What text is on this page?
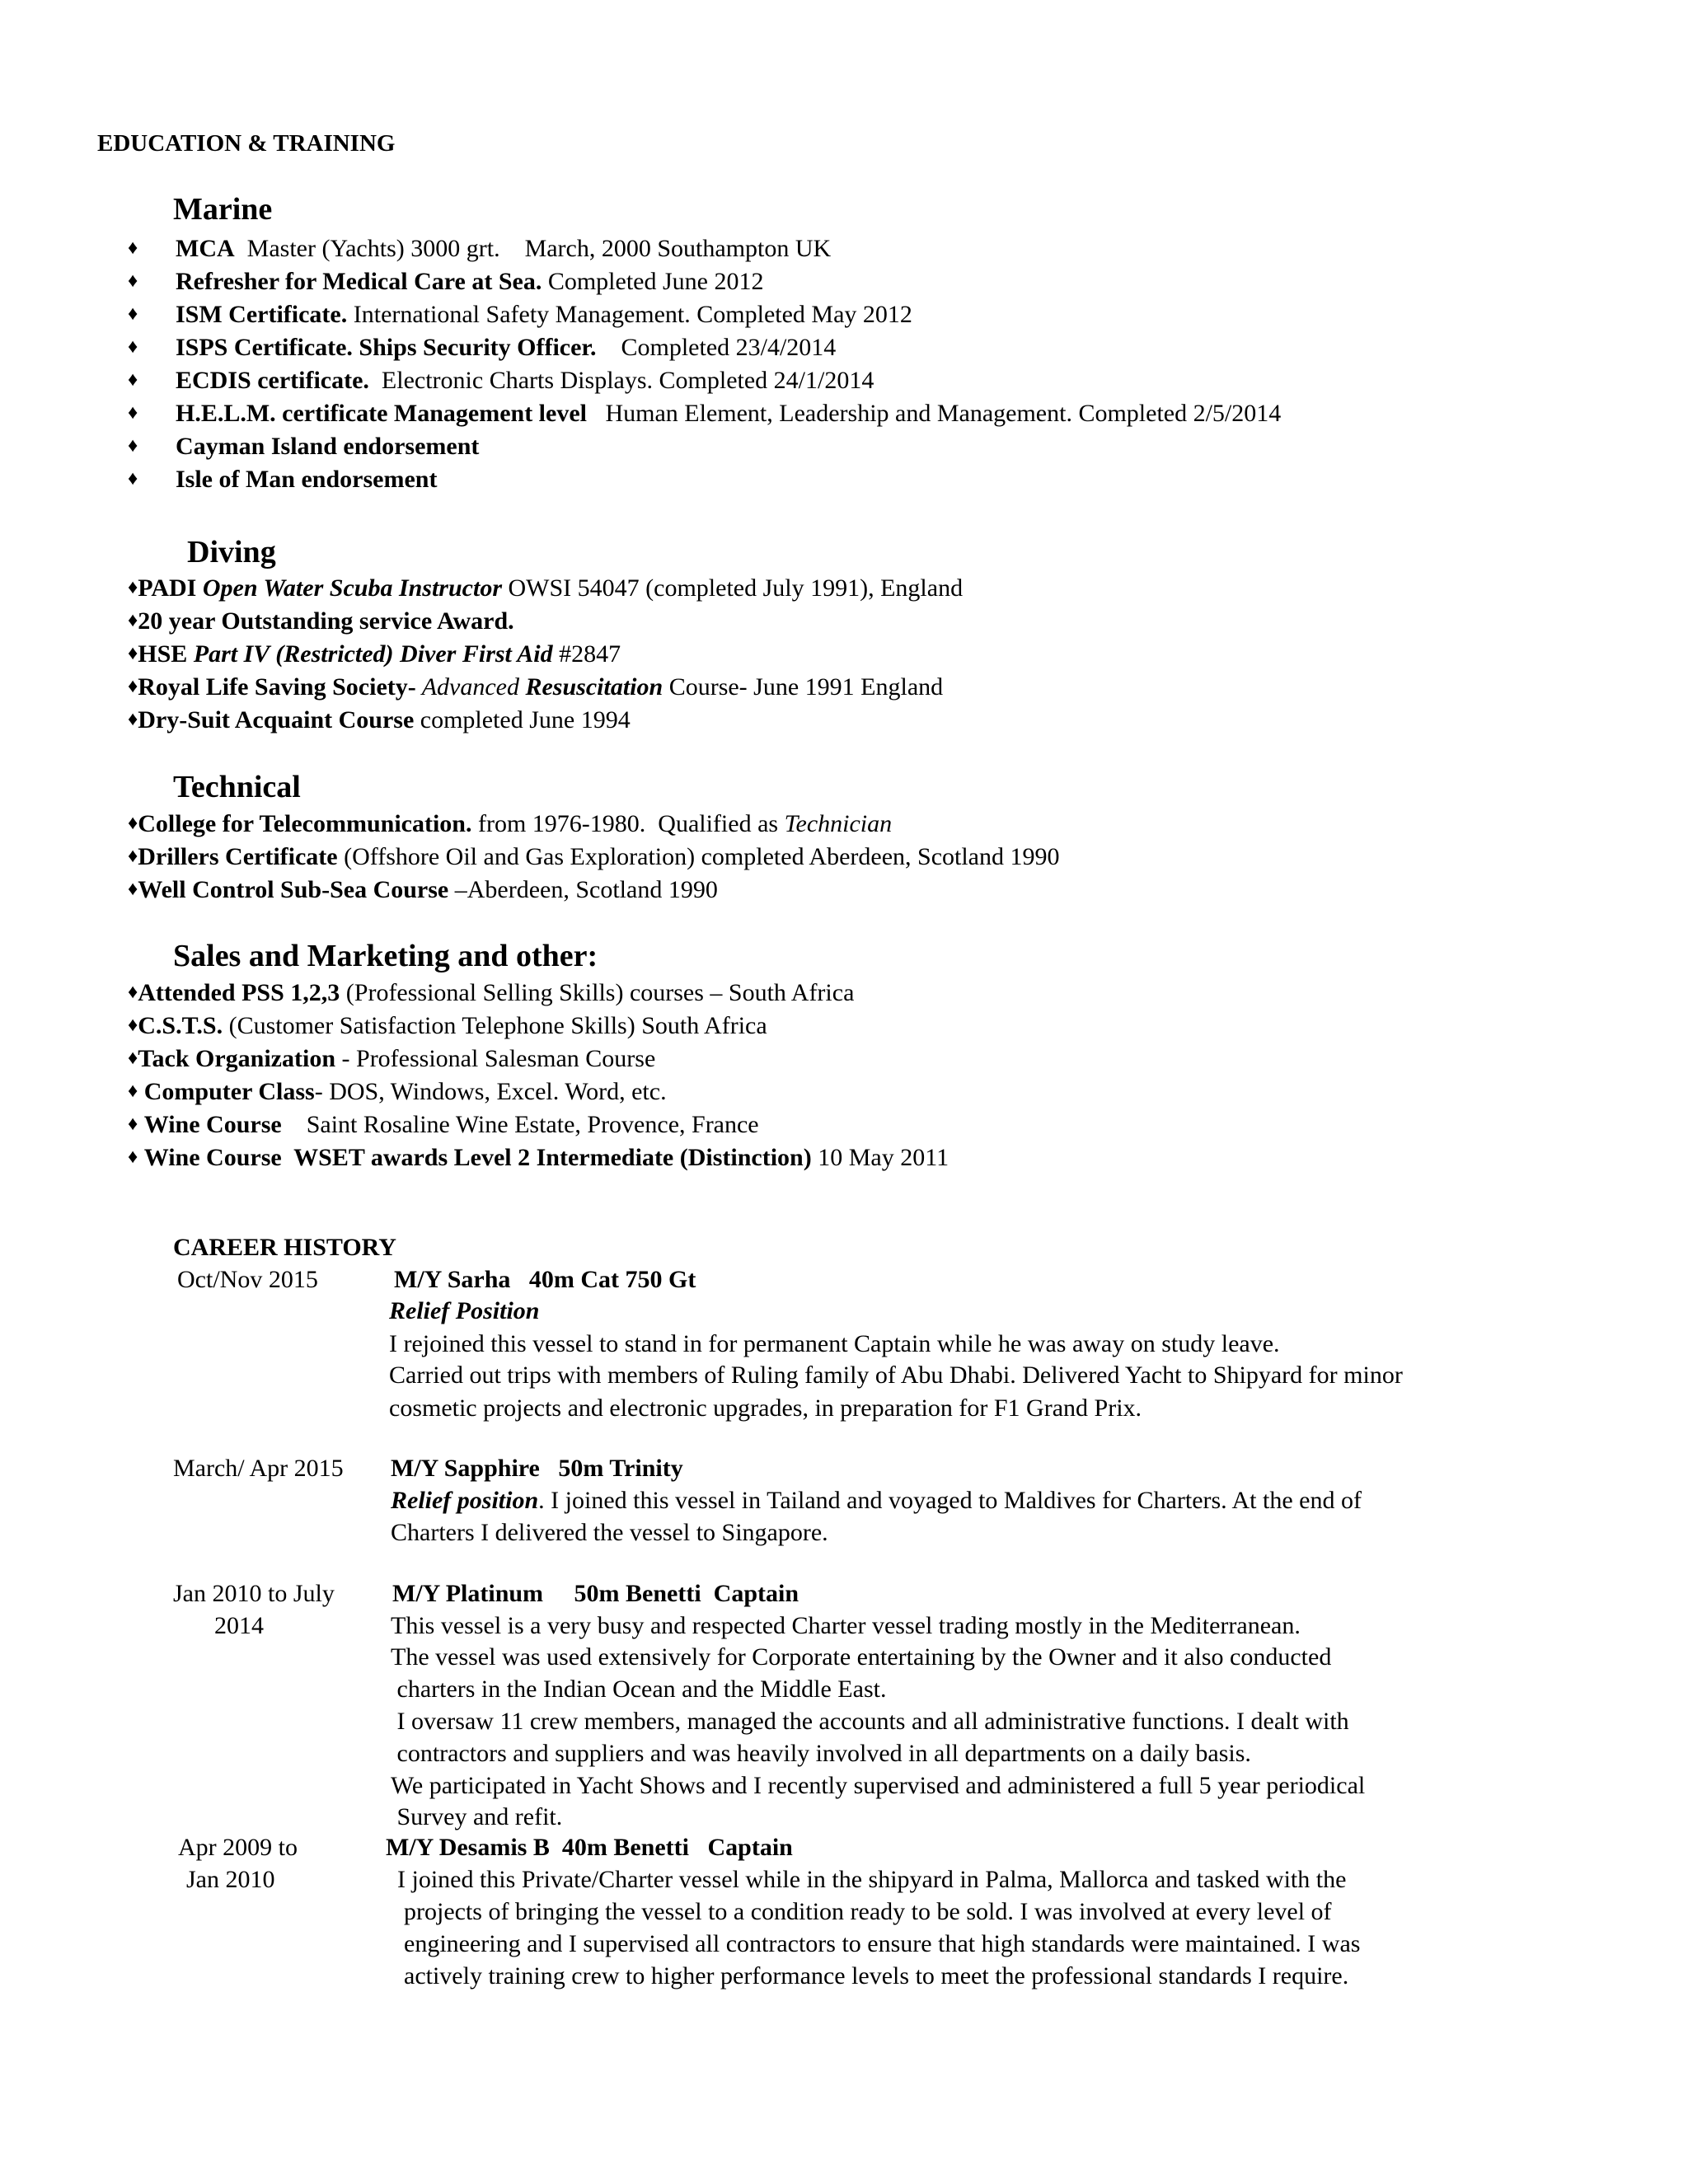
EDUCATION & TRAINING
Marine
♦ MCA  Master (Yachts) 3000 grt.    March, 2000 Southampton UK
♦ Refresher for Medical Care at Sea. Completed June 2012
♦ ISM Certificate. International Safety Management. Completed May 2012
♦ ISPS Certificate. Ships Security Officer.    Completed 23/4/2014
♦ ECDIS certificate.  Electronic Charts Displays. Completed 24/1/2014
♦ H.E.L.M. certificate Management level   Human Element, Leadership and Management. Completed 2/5/2014
♦ Cayman Island endorsement
♦ Isle of Man endorsement
Diving
♦PADI Open Water Scuba Instructor OWSI 54047 (completed July 1991), England
♦20 year Outstanding service Award.
♦HSE Part IV (Restricted) Diver First Aid #2847
♦Royal Life Saving Society- Advanced Resuscitation Course- June 1991 England
♦Dry-Suit Acquaint Course completed June 1994
Technical
♦College for Telecommunication. from 1976-1980.  Qualified as Technician
♦Drillers Certificate (Offshore Oil and Gas Exploration) completed Aberdeen, Scotland 1990
♦Well Control Sub-Sea Course –Aberdeen, Scotland 1990
Sales and Marketing and other:
♦Attended PSS 1,2,3 (Professional Selling Skills) courses – South Africa
♦C.S.T.S. (Customer Satisfaction Telephone Skills) South Africa
♦Tack Organization - Professional Salesman Course
♦ Computer Class- DOS, Windows, Excel. Word, etc.
♦ Wine Course    Saint Rosaline Wine Estate, Provence, France
♦ Wine Course  WSET awards Level 2 Intermediate (Distinction) 10 May 2011
CAREER HISTORY
Oct/Nov 2015	M/Y Sarha   40m Cat 750 Gt
Relief Position
I rejoined this vessel to stand in for permanent Captain while he was away on study leave.
Carried out trips with members of Ruling family of Abu Dhabi. Delivered Yacht to Shipyard for minor
cosmetic projects and electronic upgrades, in preparation for F1 Grand Prix.
March/ Apr 2015 M/Y Sapphire   50m Trinity
Relief position. I joined this vessel in Tailand and voyaged to Maldives for Charters. At the end of
Charters I delivered the vessel to Singapore.
Jan 2010 to July
2014
M/Y Platinum     50m Benetti  Captain
This vessel is a very busy and respected Charter vessel trading mostly in the Mediterranean.
The vessel was used extensively for Corporate entertaining by the Owner and it also conducted
charters in the Indian Ocean and the Middle East.
I oversaw 11 crew members, managed the accounts and all administrative functions. I dealt with
contractors and suppliers and was heavily involved in all departments on a daily basis.
We participated in Yacht Shows and I recently supervised and administered a full 5 year periodical
Survey and refit.
Apr 2009 to
Jan 2010
M/Y Desamis B  40m Benetti   Captain
I joined this Private/Charter vessel while in the shipyard in Palma, Mallorca and tasked with the
projects of bringing the vessel to a condition ready to be sold. I was involved at every level of
engineering and I supervised all contractors to ensure that high standards were maintained. I was
actively training crew to higher performance levels to meet the professional standards I require.
